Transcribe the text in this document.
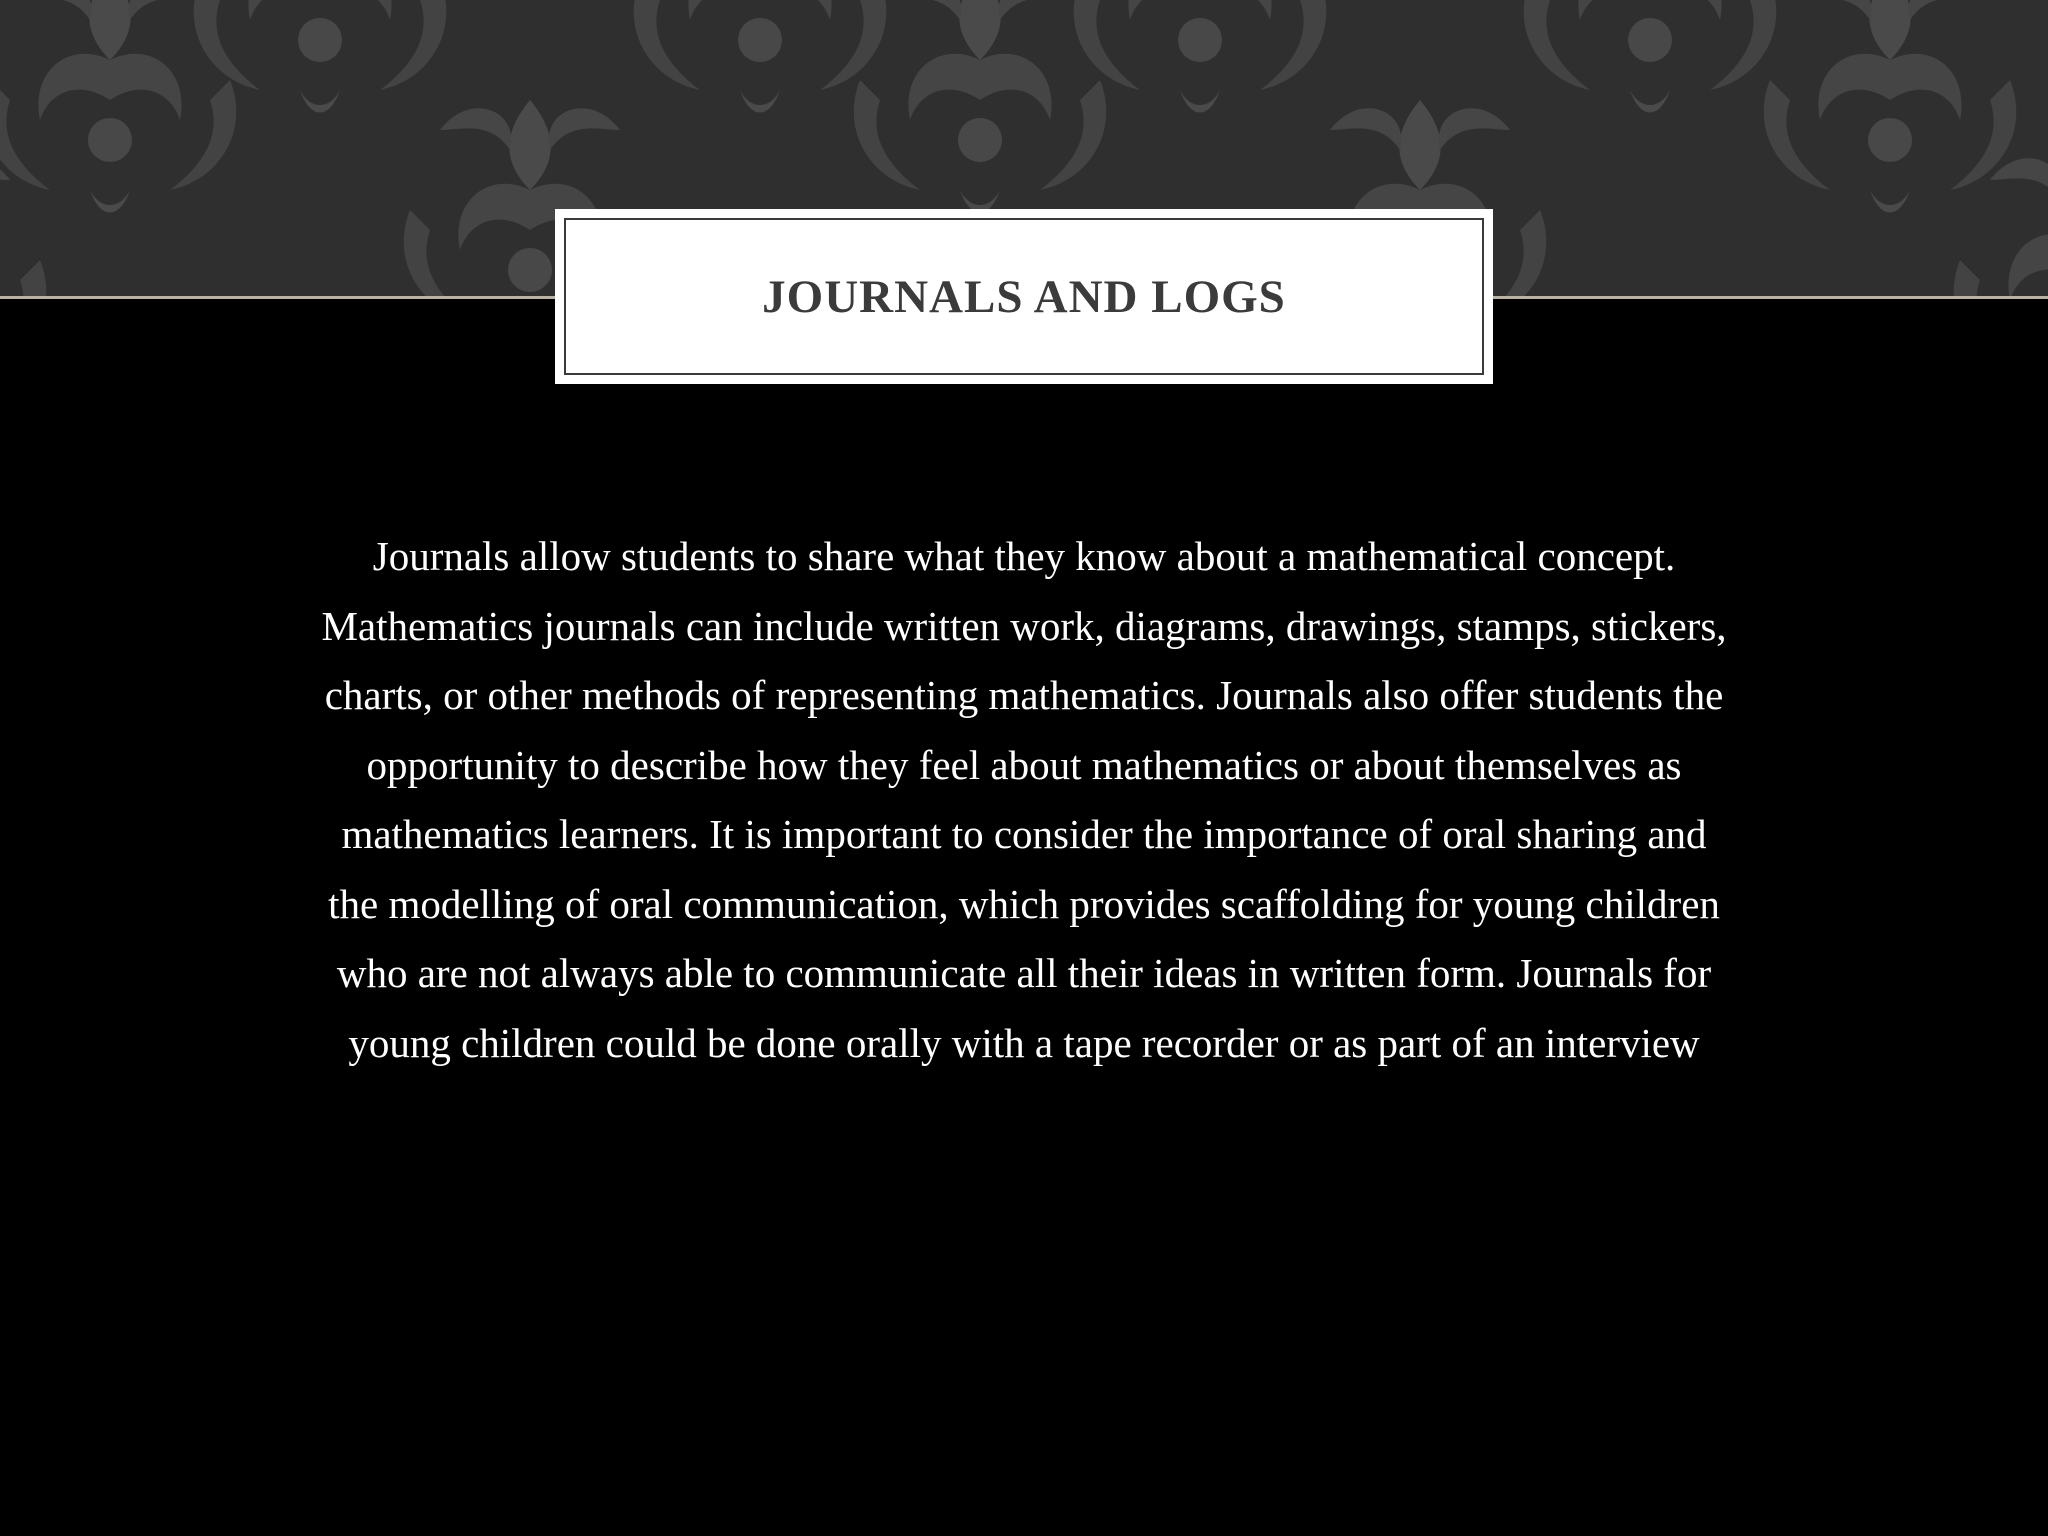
JOURNALS AND LOGS
Journals allow students to share what they know about a mathematical concept.
Mathematics journals can include written work, diagrams, drawings, stamps, stickers,
charts, or other methods of representing mathematics. Journals also offer students the
opportunity to describe how they feel about mathematics or about themselves as
mathematics learners. It is important to consider the importance of oral sharing and
the modelling of oral communication, which provides scaffolding for young children
who are not always able to communicate all their ideas in written form. Journals for
young children could be done orally with a tape recorder or as part of an interview
